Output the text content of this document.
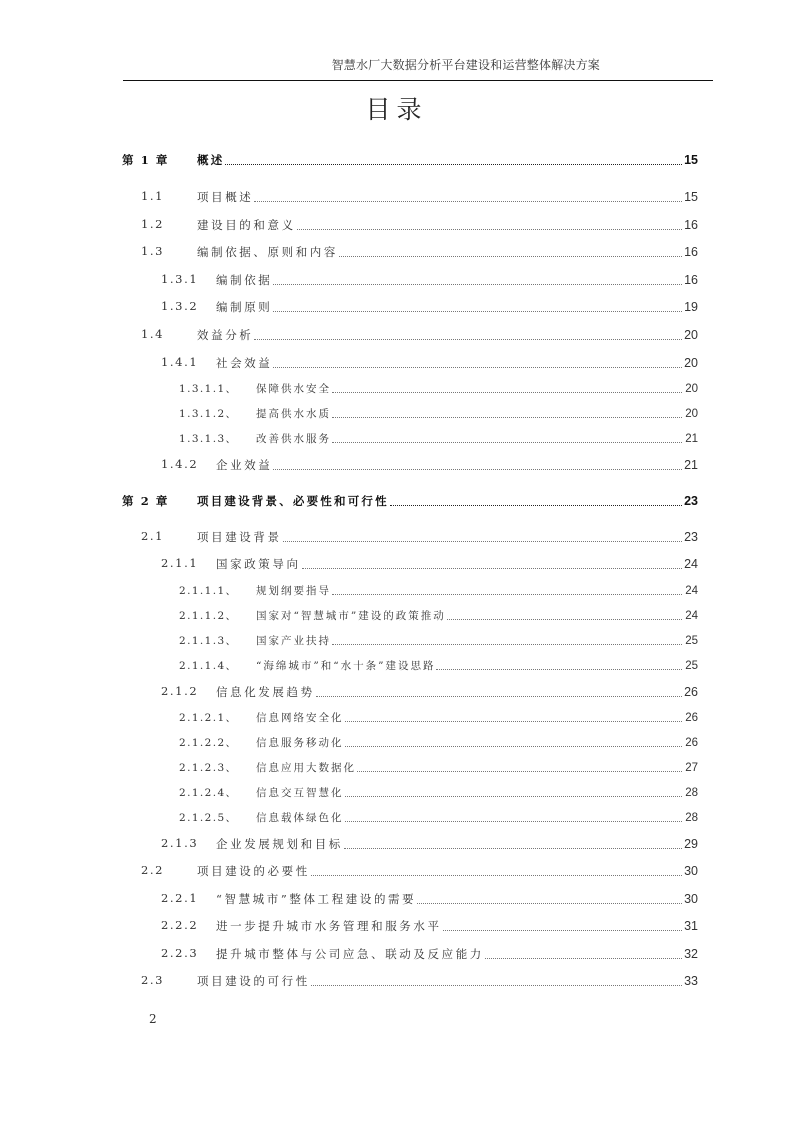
智慧水厂大数据分析平台建设和运营整体解决方案
目录
第 1 章 概述	15
1.1	项目概述	15
1.2	建设目的和意义	16
1.3	编制依据、原则和内容	16
1.3.1 编制依据	16
1.3.2 编制原则	19
1.4	效益分析	20
1.4.1 社会效益	20
1.3.1.1、 保障供水安全	20
1.3.1.2、 提高供水水质	20
1.3.1.3、 改善供水服务	21
1.4.2 企业效益	21
第 2 章 项目建设背景、必要性和可行性	23
2.1	项目建设背景	23
2.1.1 国家政策导向	24
2.1.1.1、 规划纲要指导	24
2.1.1.2、 国家对“智慧城市”建设的政策推动	24
2.1.1.3、 国家产业扶持	25
2.1.1.4、 “海绵城市”和“水十条”建设思路	25
2.1.2 信息化发展趋势	26
2.1.2.1、 信息网络安全化	26
2.1.2.2、 信息服务移动化	26
2.1.2.3、 信息应用大数据化	27
2.1.2.4、 信息交互智慧化	28
2.1.2.5、 信息载体绿色化	28
2.1.3 企业发展规划和目标	29
2.2	项目建设的必要性	30
2.2.1 “智慧城市”整体工程建设的需要	30
2.2.2 进一步提升城市水务管理和服务水平	31
2.2.3 提升城市整体与公司应急、联动及反应能力	32
2.3	项目建设的可行性	33
2
